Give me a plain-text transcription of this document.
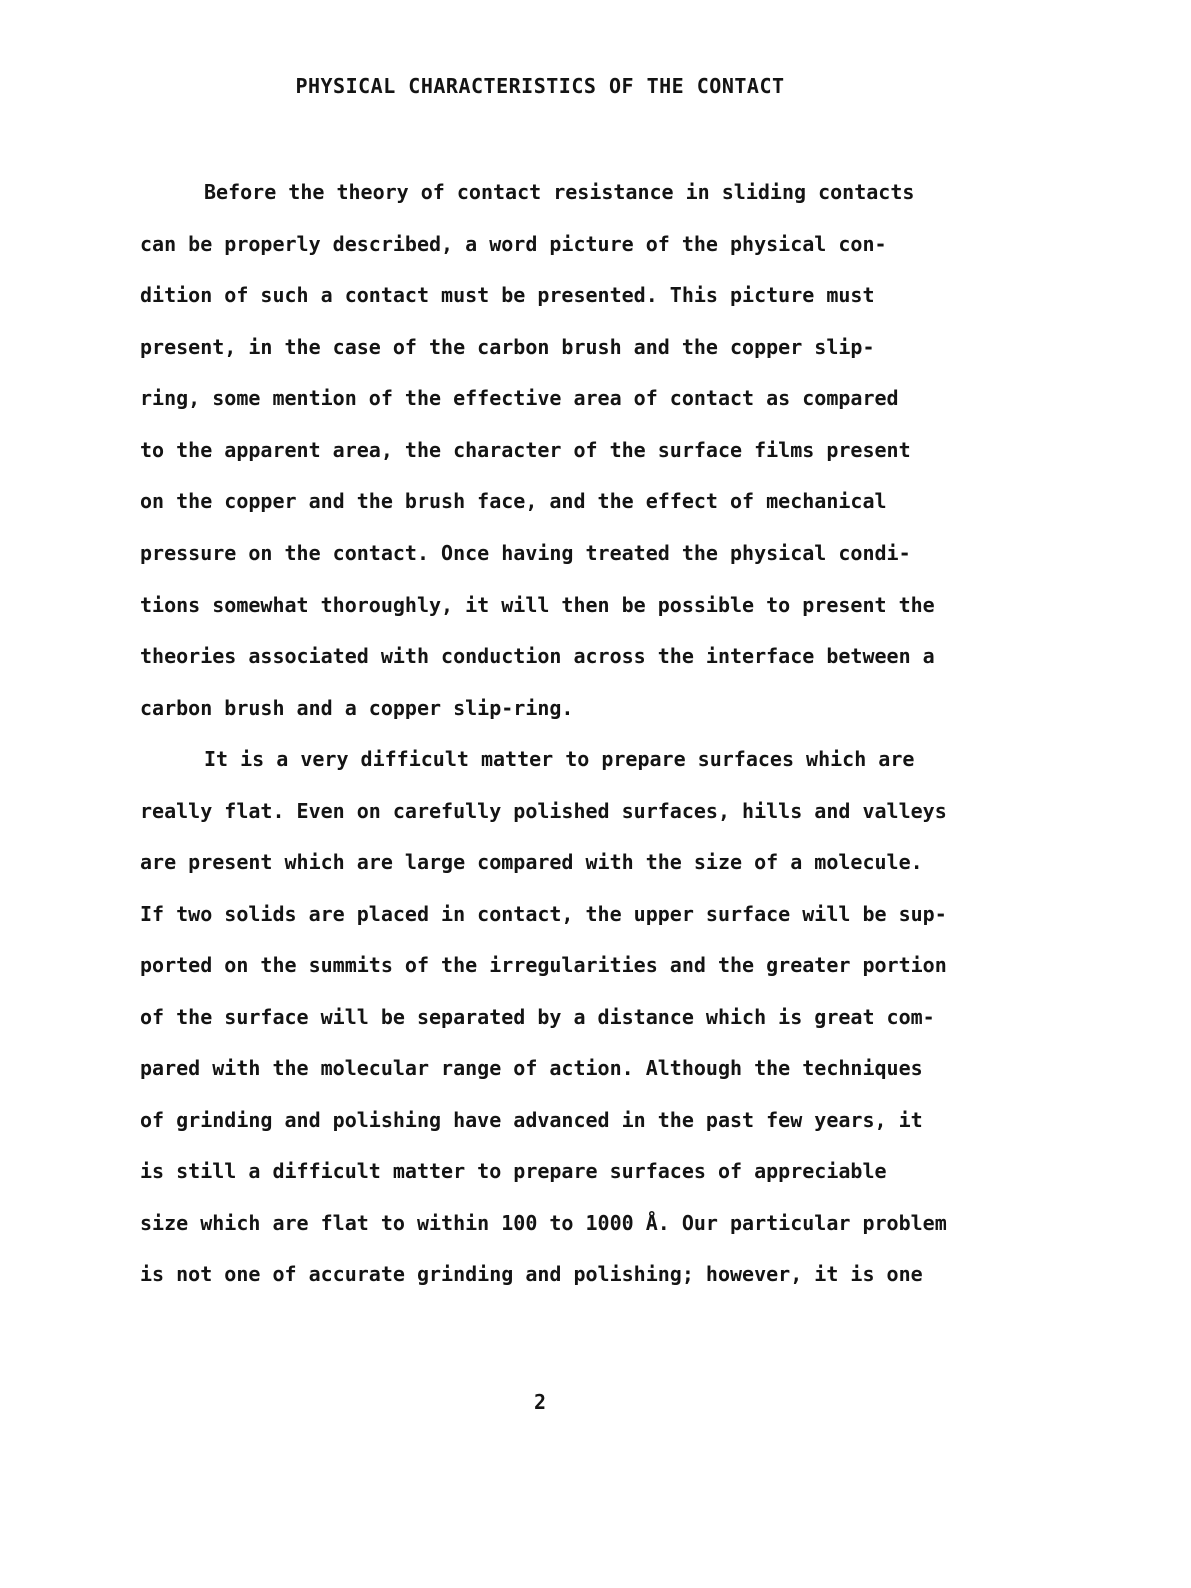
PHYSICAL CHARACTERISTICS OF THE CONTACT
Before the theory of contact resistance in sliding contacts
can be properly described, a word picture of the physical con-
dition of such a contact must be presented. This picture must
present, in the case of the carbon brush and the copper slip-
ring, some mention of the effective area of contact as compared
to the apparent area, the character of the surface films present
on the copper and the brush face, and the effect of mechanical
pressure on the contact. Once having treated the physical condi-
tions somewhat thoroughly, it will then be possible to present the
theories associated with conduction across the interface between a
carbon brush and a copper slip-ring.
It is a very difficult matter to prepare surfaces which are
really flat. Even on carefully polished surfaces, hills and valleys
are present which are large compared with the size of a molecule.
If two solids are placed in contact, the upper surface will be sup-
ported on the summits of the irregularities and the greater portion
of the surface will be separated by a distance which is great com-
pared with the molecular range of action. Although the techniques
of grinding and polishing have advanced in the past few years, it
is still a difficult matter to prepare surfaces of appreciable
size which are flat to within 100 to 1000 Å. Our particular problem
is not one of accurate grinding and polishing; however, it is one
2
